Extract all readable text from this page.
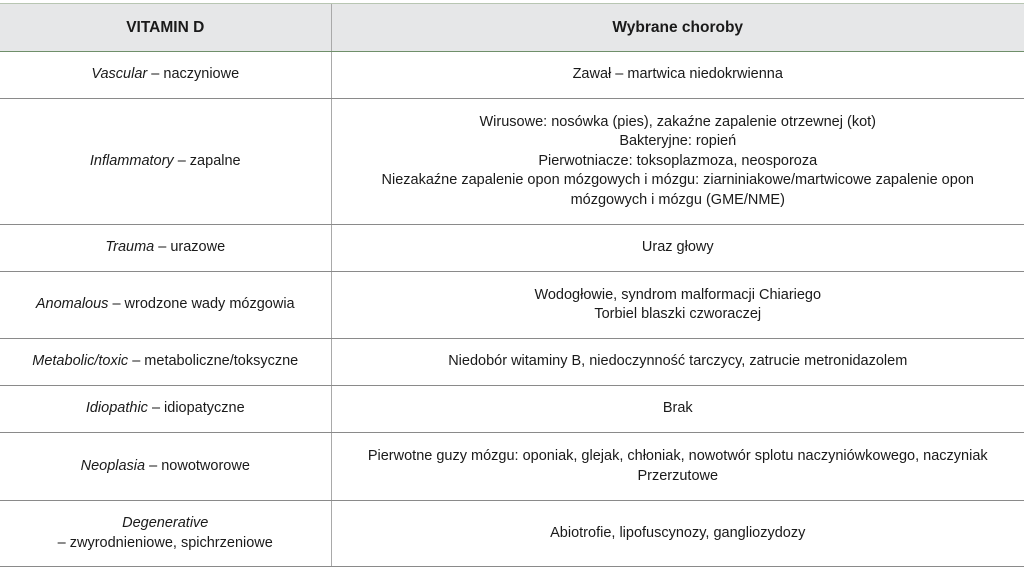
VITAMIN D	Wybrane choroby
Vascular – naczyniowe	Zawał – martwica niedokrwienna

Inflammatory – zapalne	Wirusowe: nosówka (pies), zakaźne zapalenie otrzewnej (kot)
Bakteryjne: ropień
Pierwotniacze: toksoplazmoza, neosporoza
Niezakaźne zapalenie opon mózgowych i mózgu: ziarniniakowe/martwicowe zapalenie opon
mózgowych i mózgu (GME/NME)

Trauma – urazowe	Uraz głowy

Anomalous – wrodzone wady mózgowia	Wodogłowie, syndrom malformacji Chiariego
Torbiel blaszki czworaczej

Metabolic/toxic – metaboliczne/toksyczne	Niedobór witaminy B, niedoczynność tarczycy, zatrucie metronidazolem

Idiopathic – idiopatyczne	Brak

Neoplasia – nowotworowe	Pierwotne guzy mózgu: oponiak, glejak, chłoniak, nowotwór splotu naczyniówkowego, naczyniak
Przerzutowe

Degenerative
– zwyrodnieniowe, spichrzeniowe	Abiotrofie, lipofuscynozy, gangliozydozy
